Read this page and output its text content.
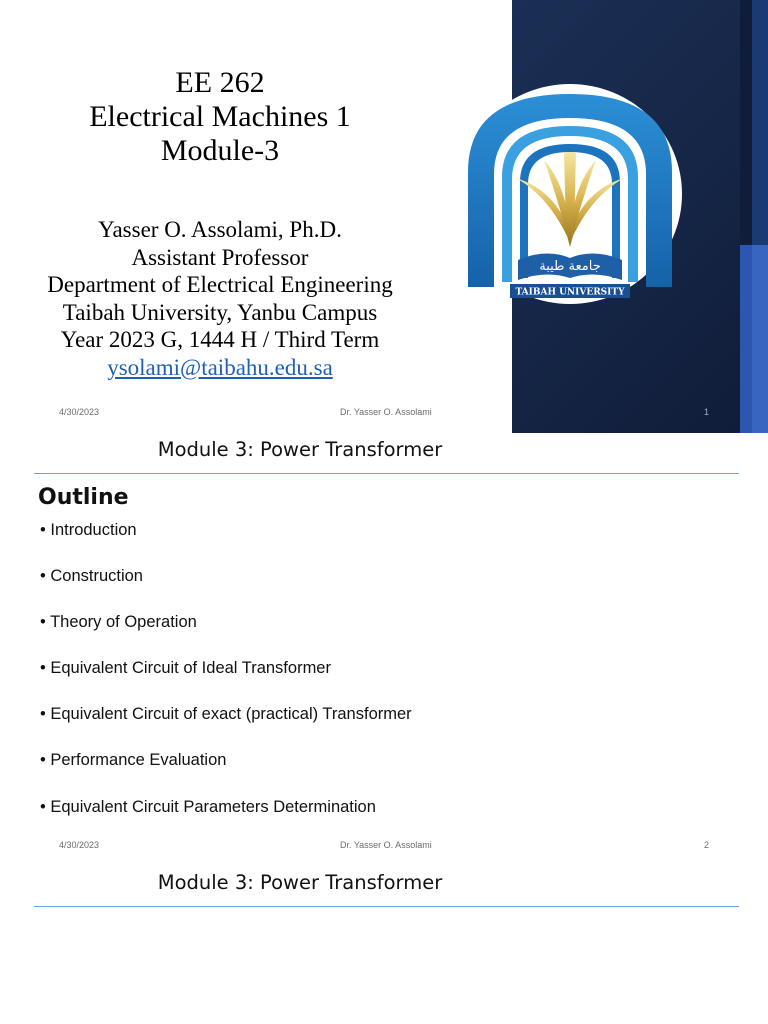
EE 262
Electrical Machines 1
Module-3
Yasser O. Assolami, Ph.D.
Assistant Professor
Department of Electrical Engineering
Taibah University, Yanbu Campus
Year 2023 G, 1444 H / Third Term
ysolami@taibahu.edu.sa
جامعة طيبة
TAIBAH UNIVERSITY
4/30/2023	Dr. Yasser O. Assolami	1
Module 3: Power Transformer
Outline
• Introduction
• Construction
• Theory of Operation
• Equivalent Circuit of Ideal Transformer
• Equivalent Circuit of exact (practical) Transformer
• Performance Evaluation
• Equivalent Circuit Parameters Determination
4/30/2023	Dr. Yasser O. Assolami	2
Module 3: Power Transformer
